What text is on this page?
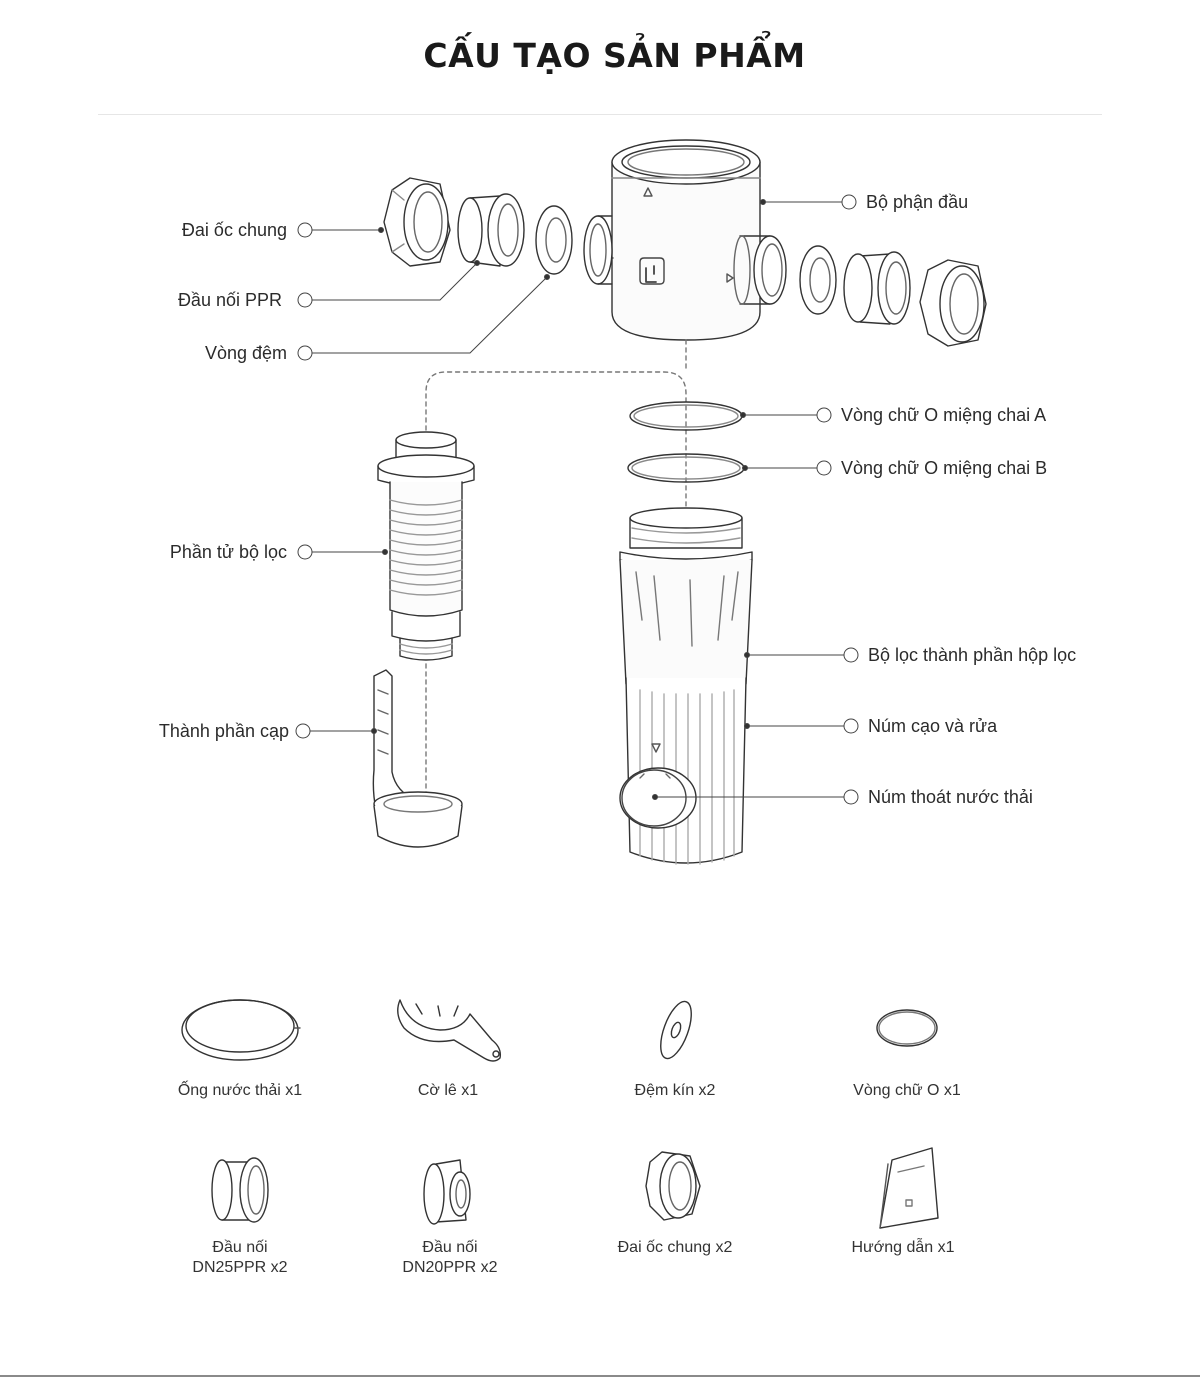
CẤU TẠO SẢN PHẨM
Đai ốc chung
Đầu nối PPR
Vòng đệm
Phần tử bộ lọc
Thành phần cạp
Bộ phận đầu
Vòng chữ O miệng chai A
Vòng chữ O miệng chai B
Bộ lọc thành phần hộp lọc
Núm cạo và rửa
Núm thoát nước thải
Ống nước thải x1	Cờ lê x1	Đệm kín x2	Vòng chữ O x1
Đầu nối
DN25PPR x2
Đầu nối
DN20PPR x2
Đai ốc chung x2	Hướng dẫn x1
